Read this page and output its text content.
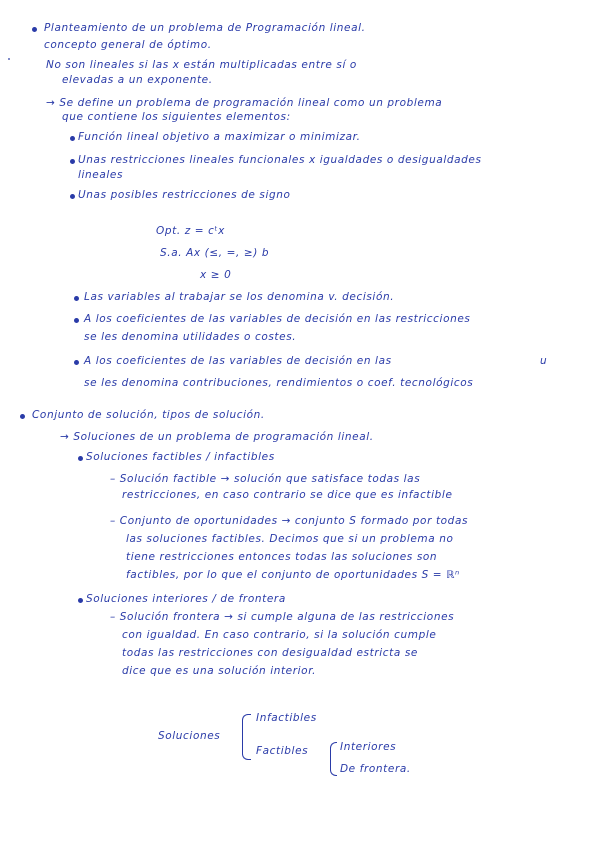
Planteamiento de un problema de Programación lineal.
concepto general de óptimo.
No son lineales si las x están multiplicadas entre sí o
elevadas a un exponente.
→ Se define un problema de programación lineal como un problema
que contiene los siguientes elementos:
Función lineal objetivo a maximizar o minimizar.
Unas restricciones lineales funcionales x igualdades o desigualdades
lineales
Unas posibles restricciones de signo
Opt. z = cᵗx
S.a. Ax (≤, =, ≥) b
x ≥ 0
Las variables al trabajar se los denomina v. decisión.
A los coeficientes de las variables de decisión en las restricciones
se les denomina utilidades o costes.
A los coeficientes de las variables de decisión en las	u
se les denomina contribuciones, rendimientos o coef. tecnológicos
Conjunto de solución, tipos de solución.
→ Soluciones de un problema de programación lineal.
Soluciones factibles / infactibles
– Solución factible → solución que satisface todas las
restricciones, en caso contrario se dice que es infactible
– Conjunto de oportunidades → conjunto S formado por todas
las soluciones factibles. Decimos que si un problema no
tiene restricciones entonces todas las soluciones son
factibles, por lo que el conjunto de oportunidades S = ℝⁿ
Soluciones interiores / de frontera
– Solución frontera → si cumple alguna de las restricciones
con igualdad. En caso contrario, si la solución cumple
todas las restricciones con desigualdad estricta se
dice que es una solución interior.
Soluciones
Infactibles
Factibles	Interiores
De frontera.
